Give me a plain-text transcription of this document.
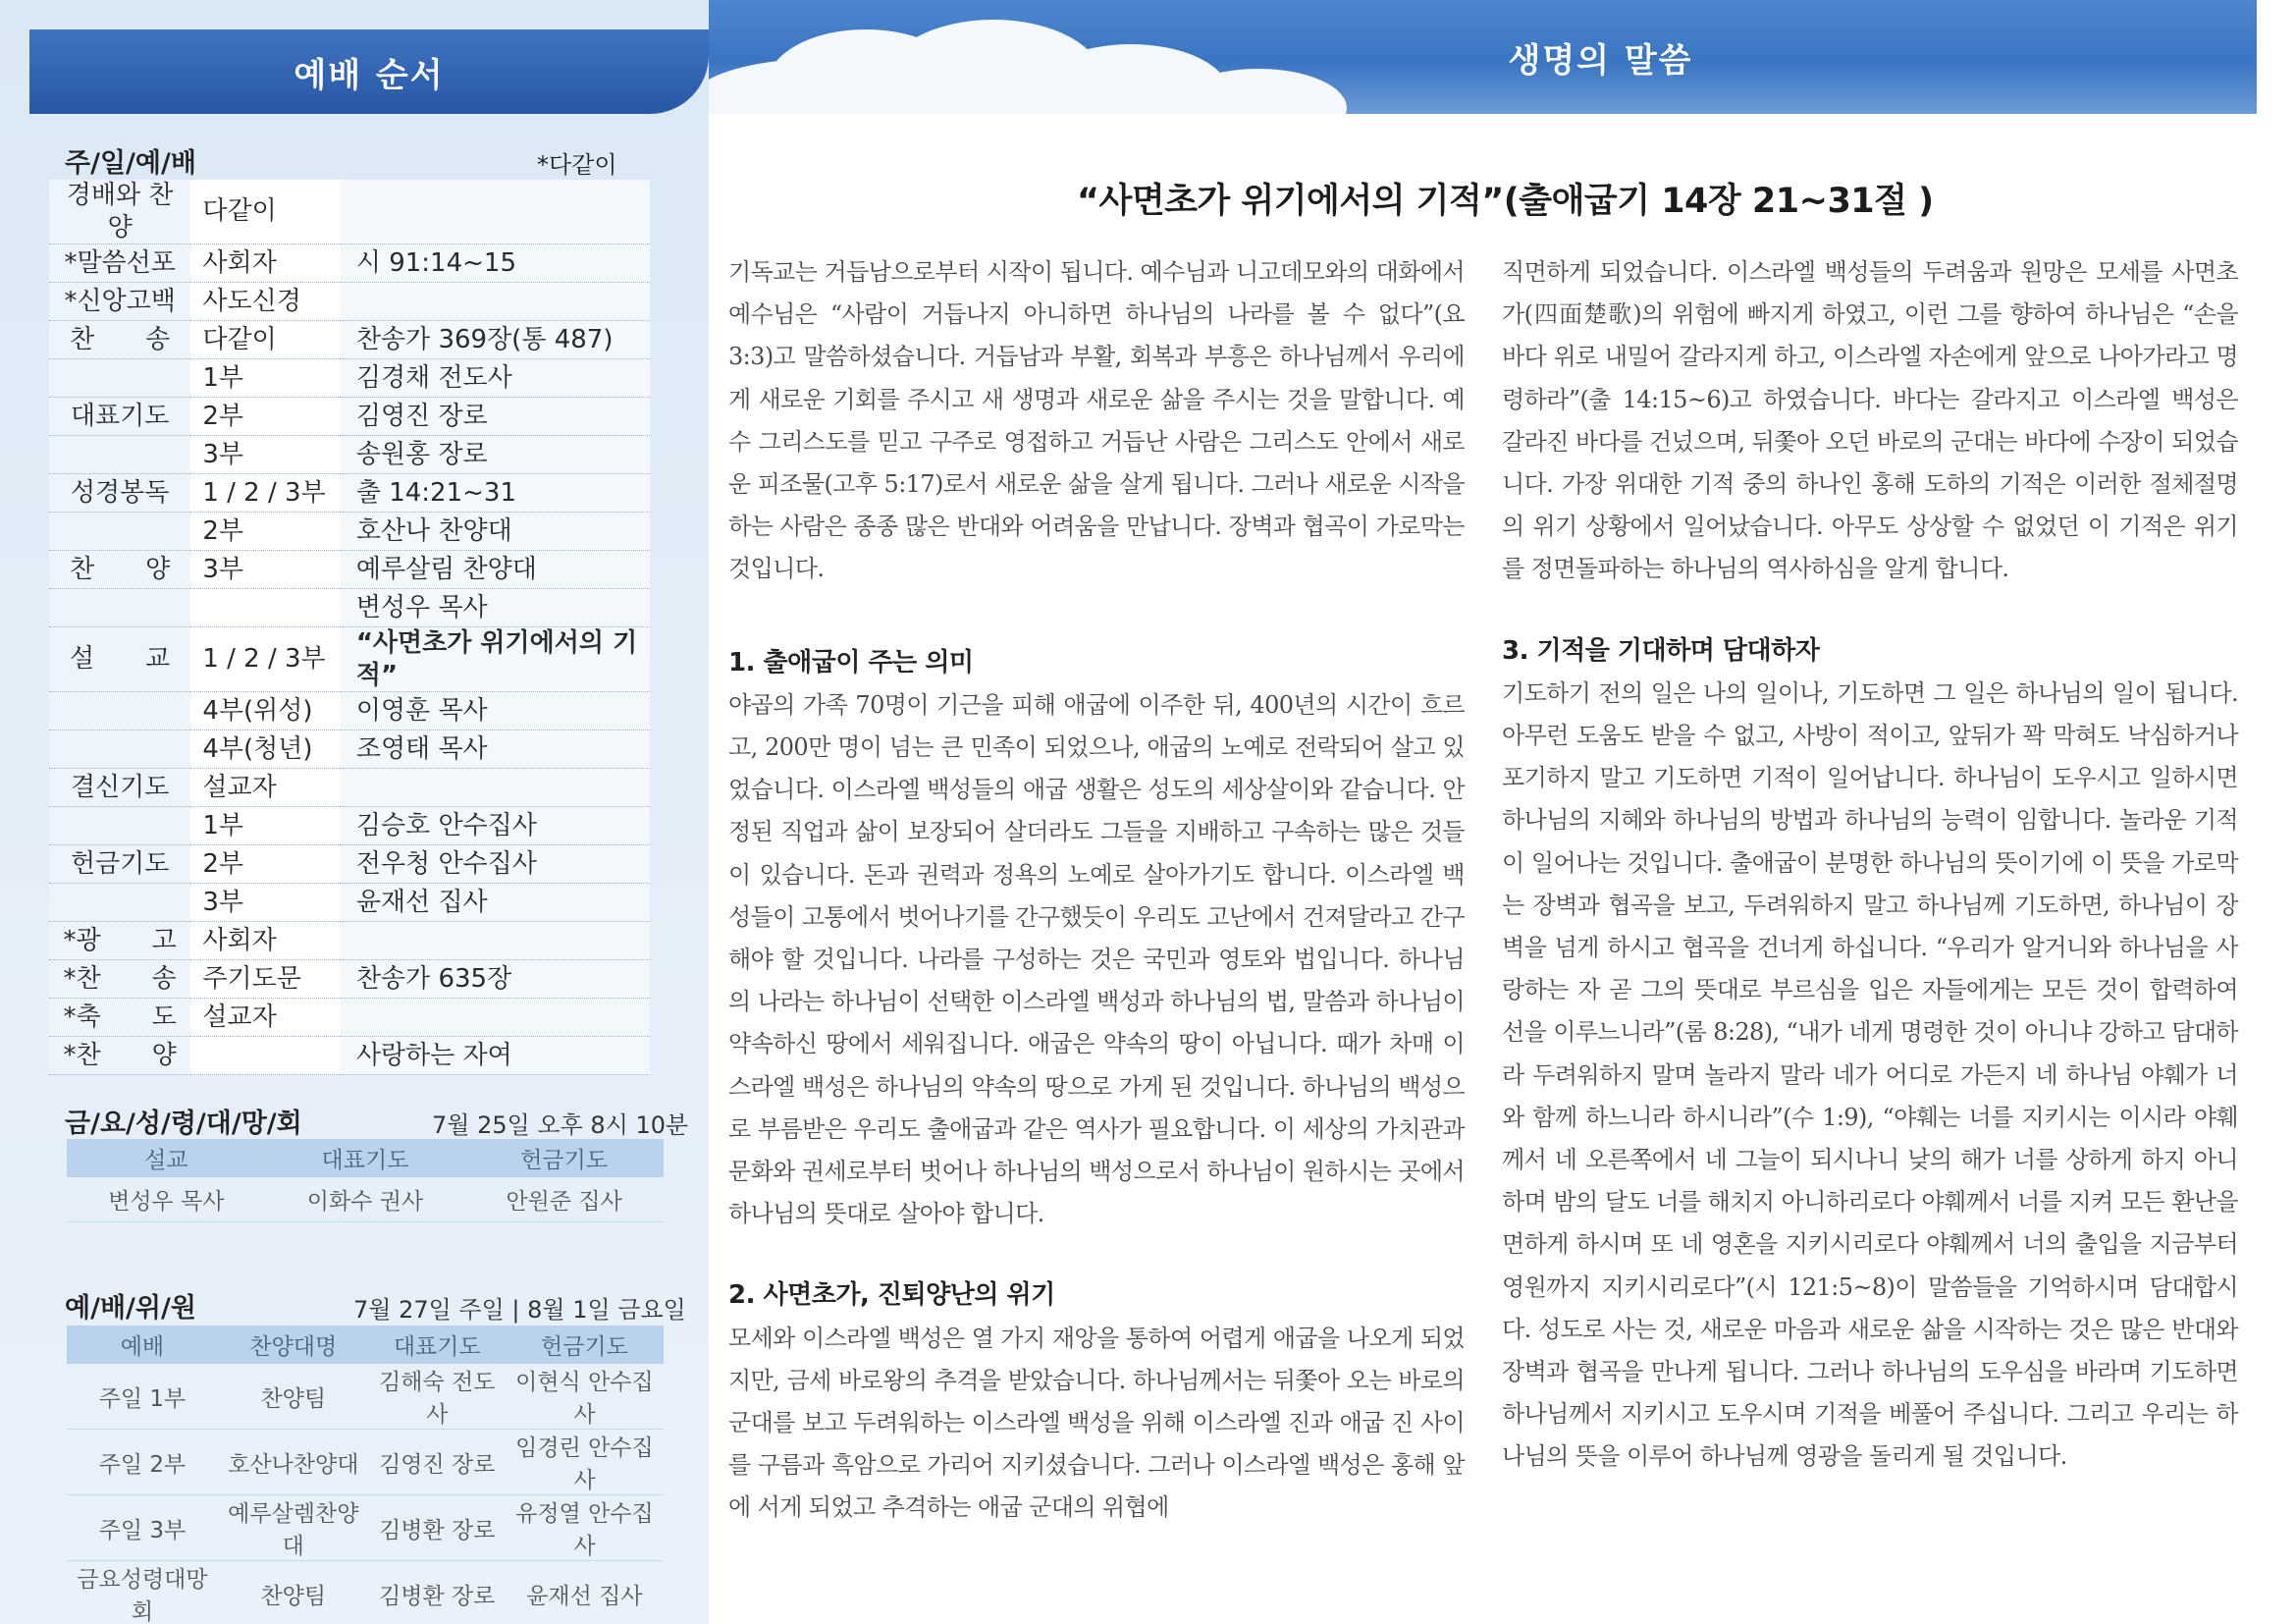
예배 순서	생명의 말씀
주/일/예/배	*다같이
경배와 찬양	다같이	
*말씀선포	사회자	시 91:14~15
*신앙고백	사도신경	
찬　　송	다같이	찬송가 369장(통 487)
	1부	김경채 전도사
대표기도	2부	김영진 장로
	3부	송원홍 장로
성경봉독	1 / 2 / 3부	출 14:21~31
	2부	호산나 찬양대
찬　　양	3부	예루살림 찬양대
		변성우 목사
설　　교	1 / 2 / 3부	“사면초가 위기에서의 기적”
	4부(위성)	이영훈 목사
	4부(청년)	조영태 목사
결신기도	설교자	
	1부	김승호 안수집사
헌금기도	2부	전우청 안수집사
	3부	윤재선 집사
*광　　고	사회자	
*찬　　송	주기도문	찬송가 635장
*축　　도	설교자	
*찬　　양		사랑하는 자여
금/요/성/령/대/망/회	7월 25일 오후 8시 10분
설교	대표기도	헌금기도
변성우 목사	이화수 권사	안원준 집사
예/배/위/원	7월 27일 주일 | 8월 1일 금요일
예배	찬양대명	대표기도	헌금기도
주일 1부	찬양팀	김해숙 전도사	이현식 안수집사
주일 2부	호산나찬양대	김영진 장로	임경린 안수집사
주일 3부	예루살렘찬양대	김병환 장로	유정열 안수집사
금요성령대망회	찬양팀	김병환 장로	윤재선 집사
“사면초가 위기에서의 기적”(출애굽기 14장 21~31절 )

기독교는 거듭남으로부터 시작이 됩니다. 예수님과 니고데모와의 대화에서 예수님은 “사람이 거듭나지 아니하면 하나님의 나라를 볼 수 없다”(요 3:3)고 말씀하셨습니다. 거듭남과 부활, 회복과 부흥은 하나님께서 우리에게 새로운 기회를 주시고 새 생명과 새로운 삶을 주시는 것을 말합니다. 예수 그리스도를 믿고 구주로 영접하고 거듭난 사람은 그리스도 안에서 새로운 피조물(고후 5:17)로서 새로운 삶을 살게 됩니다. 그러나 새로운 시작을 하는 사람은 종종 많은 반대와 어려움을 만납니다. 장벽과 협곡이 가로막는 것입니다.

1. 출애굽이 주는 의미

야곱의 가족 70명이 기근을 피해 애굽에 이주한 뒤, 400년의 시간이 흐르고, 200만 명이 넘는 큰 민족이 되었으나, 애굽의 노예로 전락되어 살고 있었습니다. 이스라엘 백성들의 애굽 생활은 성도의 세상살이와 같습니다. 안정된 직업과 삶이 보장되어 살더라도 그들을 지배하고 구속하는 많은 것들이 있습니다. 돈과 권력과 정욕의 노예로 살아가기도 합니다. 이스라엘 백성들이 고통에서 벗어나기를 간구했듯이 우리도 고난에서 건져달라고 간구해야 할 것입니다. 나라를 구성하는 것은 국민과 영토와 법입니다. 하나님의 나라는 하나님이 선택한 이스라엘 백성과 하나님의 법, 말씀과 하나님이 약속하신 땅에서 세워집니다. 애굽은 약속의 땅이 아닙니다. 때가 차매 이스라엘 백성은 하나님의 약속의 땅으로 가게 된 것입니다. 하나님의 백성으로 부름받은 우리도 출애굽과 같은 역사가 필요합니다. 이 세상의 가치관과 문화와 권세로부터 벗어나 하나님의 백성으로서 하나님이 원하시는 곳에서 하나님의 뜻대로 살아야 합니다.

2. 사면초가, 진퇴양난의 위기

모세와 이스라엘 백성은 열 가지 재앙을 통하여 어렵게 애굽을 나오게 되었지만, 금세 바로왕의 추격을 받았습니다. 하나님께서는 뒤쫓아 오는 바로의 군대를 보고 두려워하는 이스라엘 백성을 위해 이스라엘 진과 애굽 진 사이를 구름과 흑암으로 가리어 지키셨습니다. 그러나 이스라엘 백성은 홍해 앞에 서게 되었고 추격하는 애굽 군대의 위협에

직면하게 되었습니다. 이스라엘 백성들의 두려움과 원망은 모세를 사면초가(四面楚歌)의 위험에 빠지게 하였고, 이런 그를 향하여 하나님은 “손을 바다 위로 내밀어 갈라지게 하고, 이스라엘 자손에게 앞으로 나아가라고 명령하라”(출 14:15~6)고 하였습니다. 바다는 갈라지고 이스라엘 백성은 갈라진 바다를 건넜으며, 뒤쫓아 오던 바로의 군대는 바다에 수장이 되었습니다. 가장 위대한 기적 중의 하나인 홍해 도하의 기적은 이러한 절체절명의 위기 상황에서 일어났습니다. 아무도 상상할 수 없었던 이 기적은 위기를 정면돌파하는 하나님의 역사하심을 알게 합니다.

3. 기적을 기대하며 담대하자

기도하기 전의 일은 나의 일이나, 기도하면 그 일은 하나님의 일이 됩니다. 아무런 도움도 받을 수 없고, 사방이 적이고, 앞뒤가 꽉 막혀도 낙심하거나 포기하지 말고 기도하면 기적이 일어납니다. 하나님이 도우시고 일하시면 하나님의 지혜와 하나님의 방법과 하나님의 능력이 임합니다. 놀라운 기적이 일어나는 것입니다. 출애굽이 분명한 하나님의 뜻이기에 이 뜻을 가로막는 장벽과 협곡을 보고, 두려워하지 말고 하나님께 기도하면, 하나님이 장벽을 넘게 하시고 협곡을 건너게 하십니다. “우리가 알거니와 하나님을 사랑하는 자 곧 그의 뜻대로 부르심을 입은 자들에게는 모든 것이 합력하여 선을 이루느니라”(롬 8:28), “내가 네게 명령한 것이 아니냐 강하고 담대하라 두려워하지 말며 놀라지 말라 네가 어디로 가든지 네 하나님 야훼가 너와 함께 하느니라 하시니라”(수 1:9), “야훼는 너를 지키시는 이시라 야훼께서 네 오른쪽에서 네 그늘이 되시나니 낮의 해가 너를 상하게 하지 아니하며 밤의 달도 너를 해치지 아니하리로다 야훼께서 너를 지켜 모든 환난을 면하게 하시며 또 네 영혼을 지키시리로다 야훼께서 너의 출입을 지금부터 영원까지 지키시리로다”(시 121:5~8)이 말씀들을 기억하시며 담대합시다. 성도로 사는 것, 새로운 마음과 새로운 삶을 시작하는 것은 많은 반대와 장벽과 협곡을 만나게 됩니다. 그러나 하나님의 도우심을 바라며 기도하면 하나님께서 지키시고 도우시며 기적을 베풀어 주십니다. 그리고 우리는 하나님의 뜻을 이루어 하나님께 영광을 돌리게 될 것입니다.
